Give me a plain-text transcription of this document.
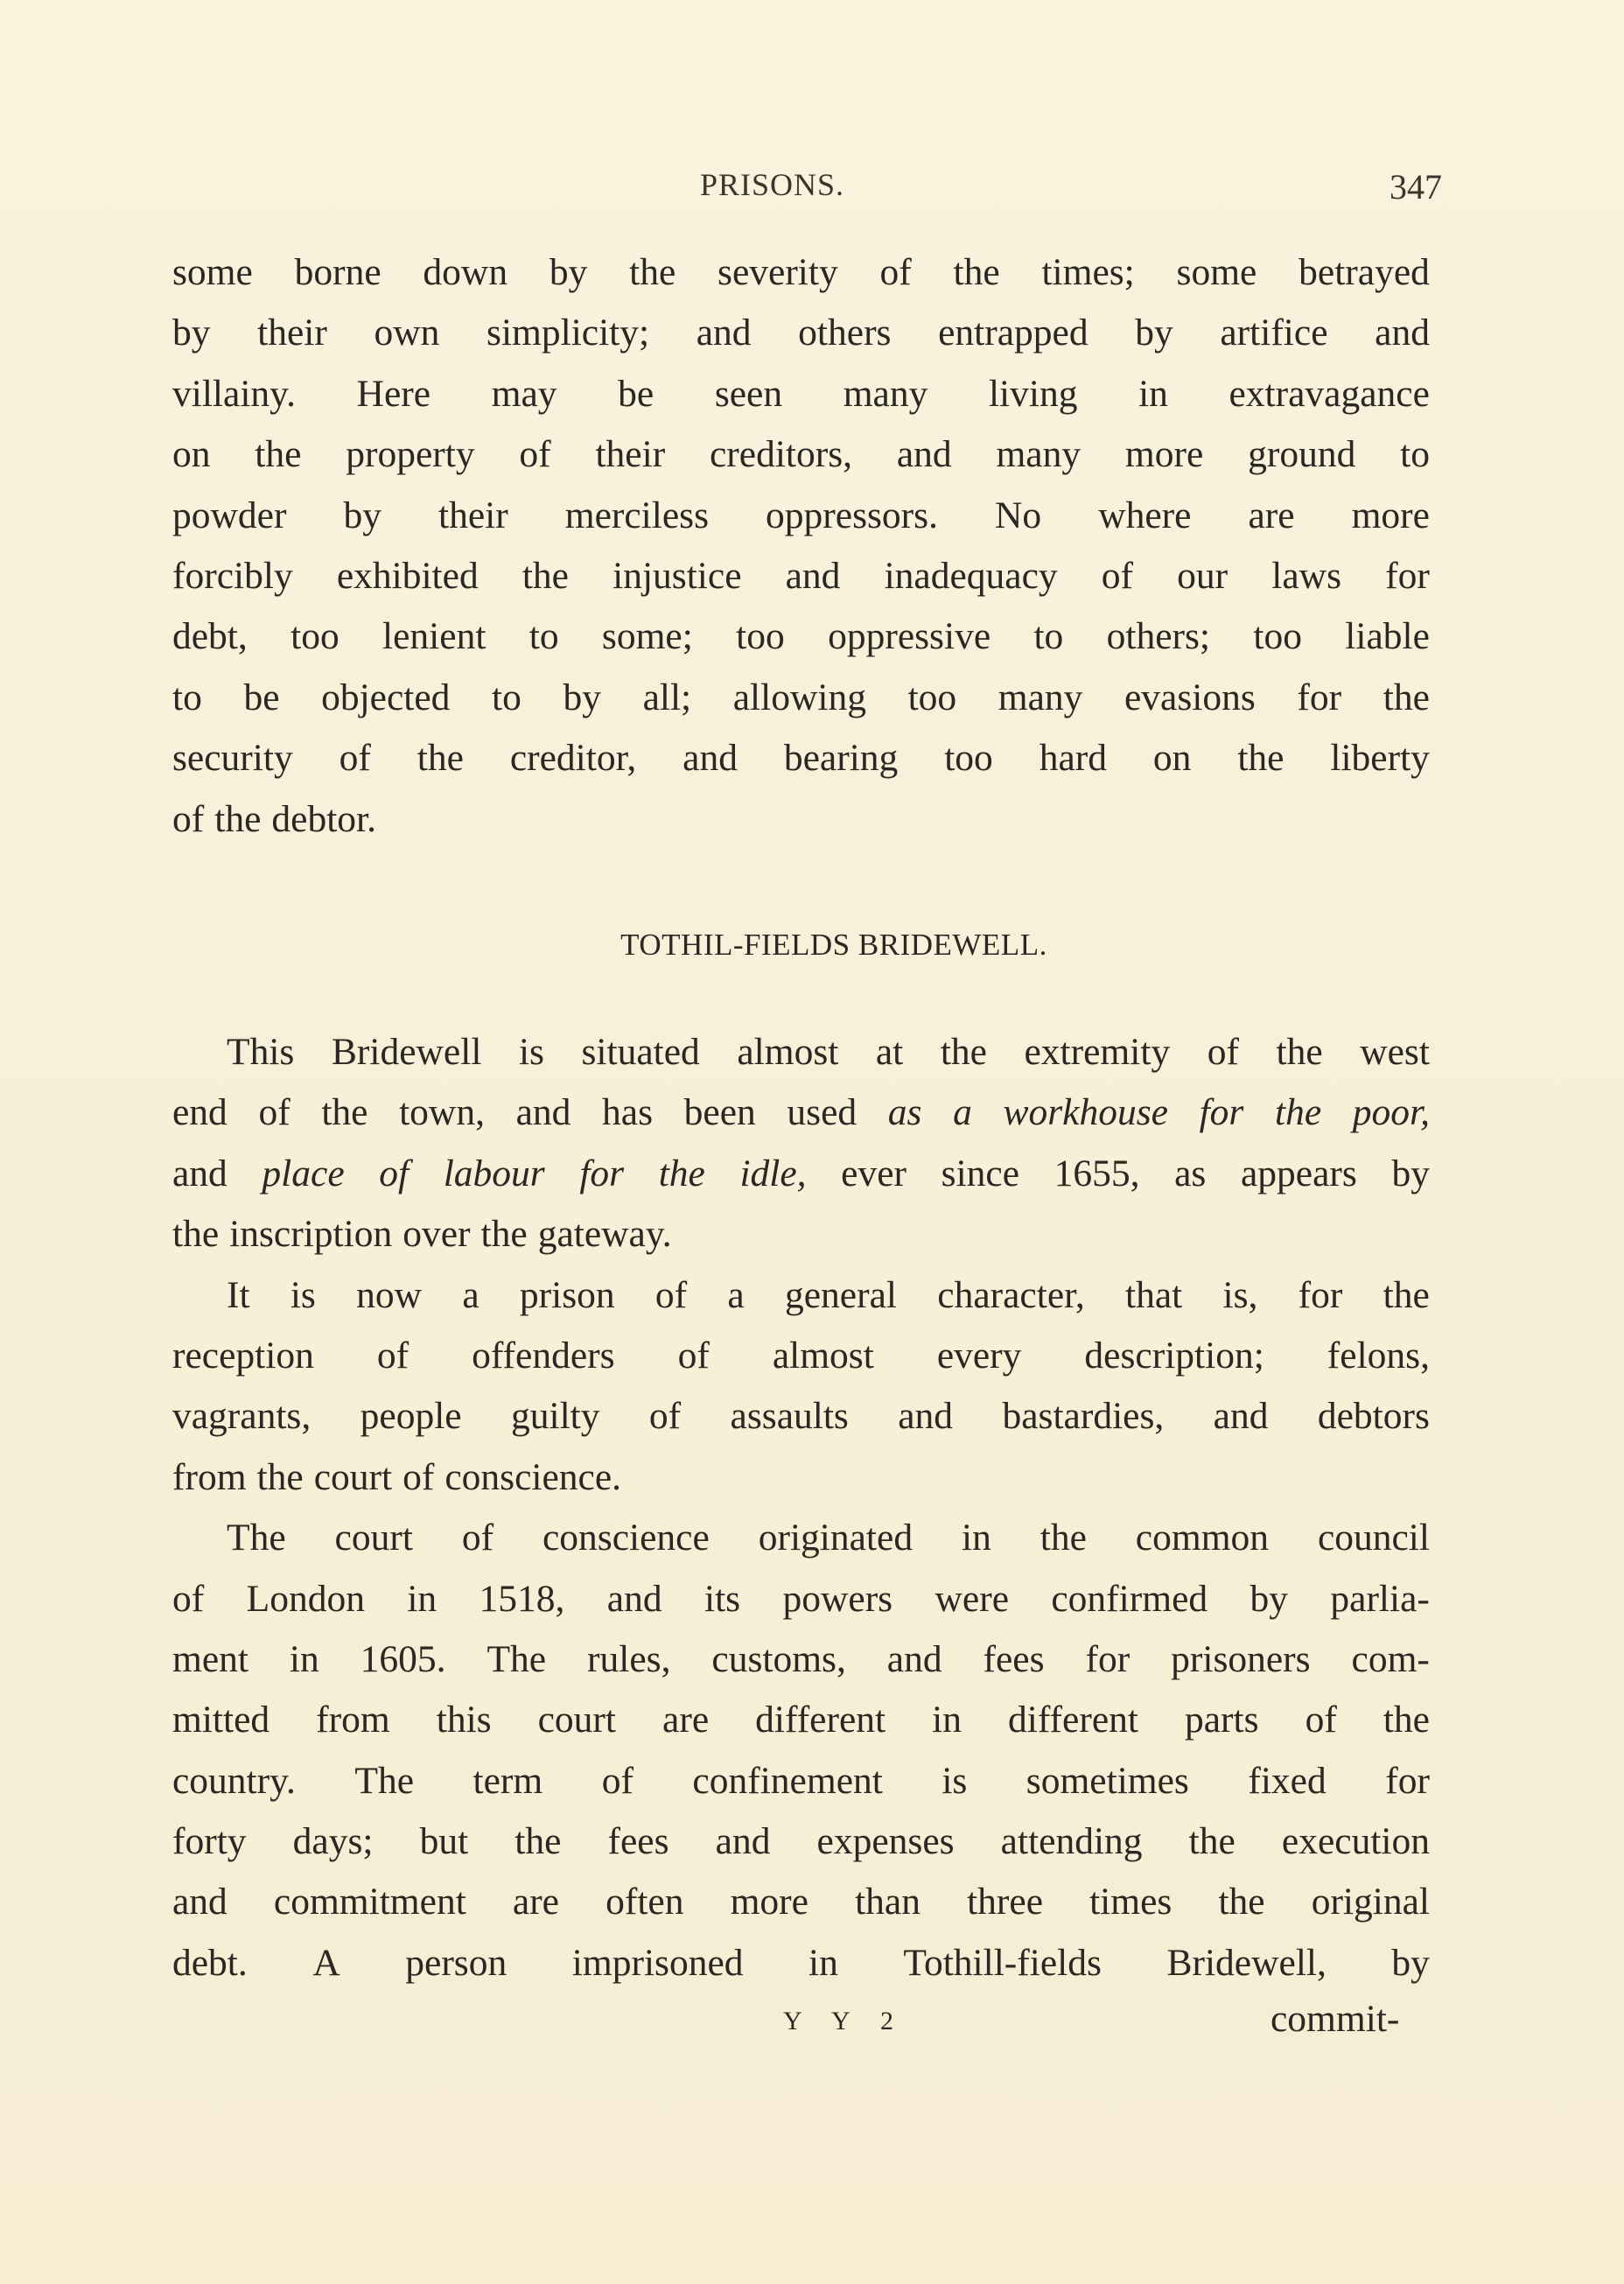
PRISONS.	347
some borne down by the severity of the times; some betrayed
by their own simplicity; and others entrapped by artifice and
villainy. Here may be seen many living in extravagance
on the property of their creditors, and many more ground to
powder by their merciless oppressors. No where are more
forcibly exhibited the injustice and inadequacy of our laws for
debt, too lenient to some; too oppressive to others; too liable
to be objected to by all; allowing too many evasions for the
security of the creditor, and bearing too hard on the liberty
of the debtor.
TOTHIL-FIELDS BRIDEWELL.
This Bridewell is situated almost at the extremity of the west
end of the town, and has been used as a workhouse for the poor,
and place of labour for the idle, ever since 1655, as appears by
the inscription over the gateway.
It is now a prison of a general character, that is, for the
reception of offenders of almost every description; felons,
vagrants, people guilty of assaults and bastardies, and debtors
from the court of conscience.
The court of conscience originated in the common council
of London in 1518, and its powers were confirmed by parlia-
ment in 1605. The rules, customs, and fees for prisoners com-
mitted from this court are different in different parts of the
country. The term of confinement is sometimes fixed for
forty days; but the fees and expenses attending the execution
and commitment are often more than three times the original
debt. A person imprisoned in Tothill-fields Bridewell, by
Y Y 2	commit-
